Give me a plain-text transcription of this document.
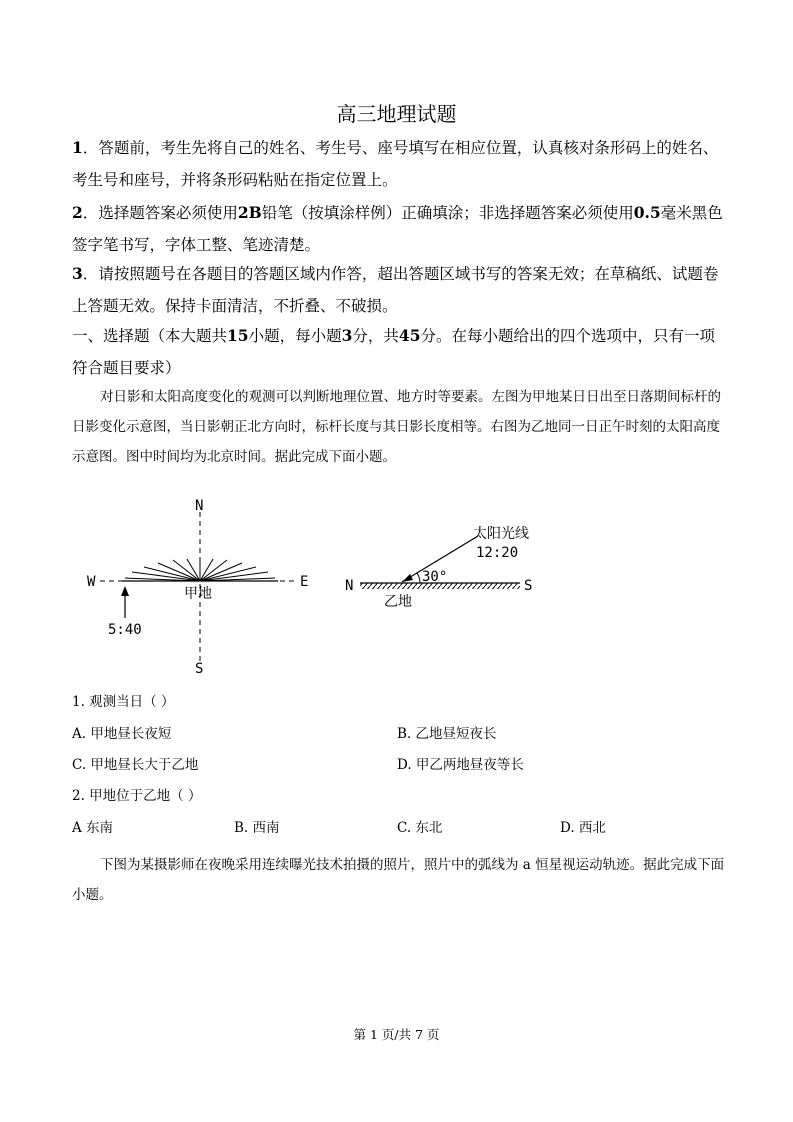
高三地理试题
1．答题前，考生先将自己的姓名、考生号、座号填写在相应位置，认真核对条形码上的姓名、考生号和座号，并将条形码粘贴在指定位置上。
2．选择题答案必须使用2B铅笔（按填涂样例）正确填涂；非选择题答案必须使用0.5毫米黑色签字笔书写，字体工整、笔迹清楚。
3．请按照题号在各题目的答题区域内作答，超出答题区域书写的答案无效；在草稿纸、试题卷上答题无效。保持卡面清洁，不折叠、不破损。
一、选择题（本大题共15小题，每小题3分，共45分。在每小题给出的四个选项中，只有一项符合题目要求）
对日影和太阳高度变化的观测可以判断地理位置、地方时等要素。左图为甲地某日日出至日落期间标杆的日影变化示意图，当日影朝正北方向时，标杆长度与其日影长度相等。右图为乙地同一日正午时刻的太阳高度示意图。图中时间均为北京时间。据此完成下面小题。
N
S
W	E
甲地
5:40
N	S
30°
太阳光线
12:20
乙地
1. 观测当日（ ）
A. 甲地昼长夜短	B. 乙地昼短夜长
C. 甲地昼长大于乙地	D. 甲乙两地昼夜等长
2. 甲地位于乙地（ ）
A 东南	B. 西南	C. 东北	D. 西北
下图为某摄影师在夜晚采用连续曝光技术拍摄的照片，照片中的弧线为 a 恒星视运动轨迹。据此完成下面小题。
第 1 页/共 7 页
